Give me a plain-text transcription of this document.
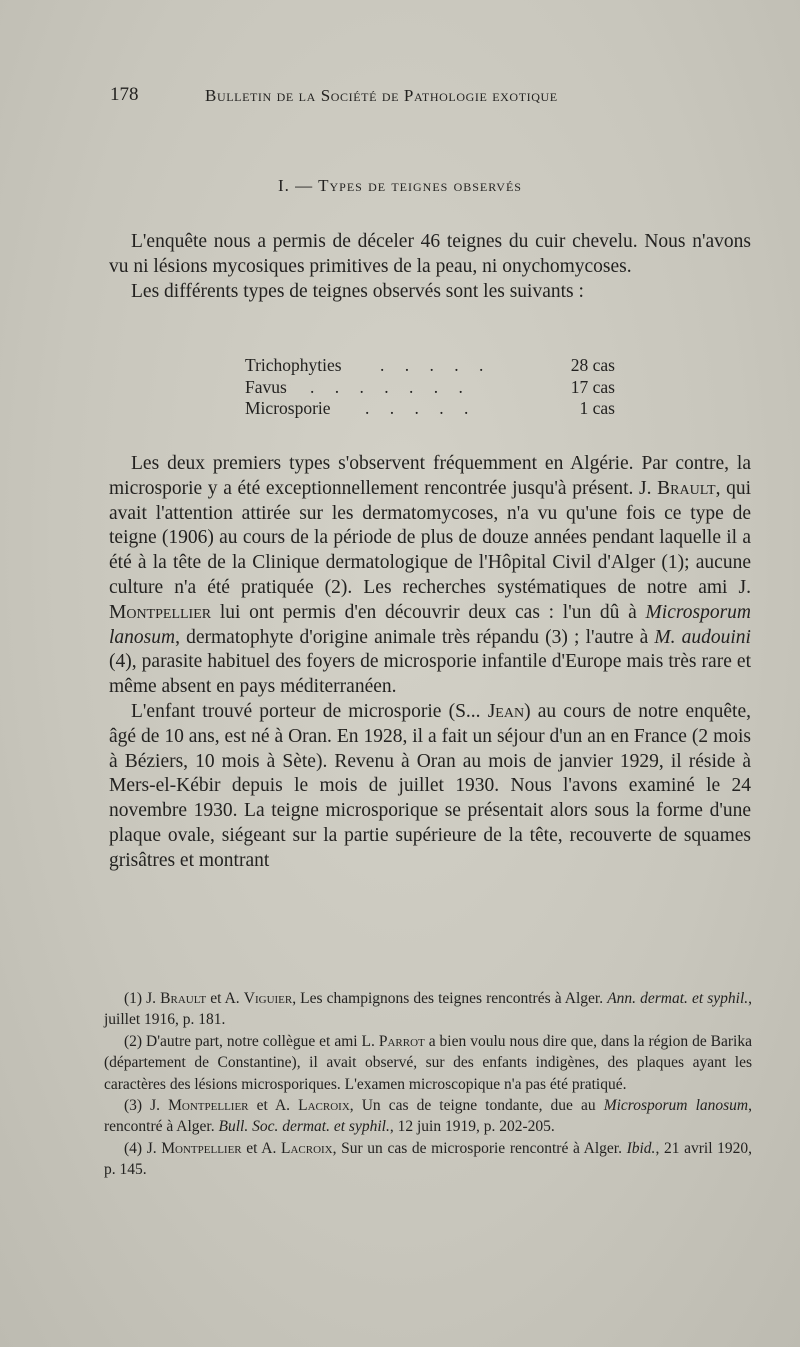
178	Bulletin de la Société de Pathologie exotique
I. — Types de teignes observés

L'enquête nous a permis de déceler 46 teignes du cuir chevelu. Nous n'avons vu ni lésions mycosiques primitives de la peau, ni onychomycoses.

Les différents types de teignes observés sont les suivants :

Trichophyties . . . . .	28 cas
Favus . . . . . . .	17 cas
Microsporie . . . . .	1 cas

Les deux premiers types s'observent fréquemment en Algérie. Par contre, la microsporie y a été exceptionnellement rencontrée jusqu'à présent. J. Brault, qui avait l'attention attirée sur les dermatomycoses, n'a vu qu'une fois ce type de teigne (1906) au cours de la période de plus de douze années pendant laquelle il a été à la tête de la Clinique dermatologique de l'Hôpital Civil d'Alger (1); aucune culture n'a été pratiquée (2). Les recherches systématiques de notre ami J. Montpellier lui ont permis d'en découvrir deux cas : l'un dû à Microsporum lanosum, dermatophyte d'origine animale très répandu (3) ; l'autre à M. audouini (4), parasite habituel des foyers de microsporie infantile d'Europe mais très rare et même absent en pays méditerranéen.

L'enfant trouvé porteur de microsporie (S... Jean) au cours de notre enquête, âgé de 10 ans, est né à Oran. En 1928, il a fait un séjour d'un an en France (2 mois à Béziers, 10 mois à Sète). Revenu à Oran au mois de janvier 1929, il réside à Mers-el-Kébir depuis le mois de juillet 1930. Nous l'avons examiné le 24 novembre 1930. La teigne microsporique se présentait alors sous la forme d'une plaque ovale, siégeant sur la partie supérieure de la tête, recouverte de squames grisâtres et montrant

(1) J. Brault et A. Viguier, Les champignons des teignes rencontrés à Alger. Ann. dermat. et syphil., juillet 1916, p. 181.

(2) D'autre part, notre collègue et ami L. Parrot a bien voulu nous dire que, dans la région de Barika (département de Constantine), il avait observé, sur des enfants indigènes, des plaques ayant les caractères des lésions microsporiques. L'examen microscopique n'a pas été pratiqué.

(3) J. Montpellier et A. Lacroix, Un cas de teigne tondante, due au Microsporum lanosum, rencontré à Alger. Bull. Soc. dermat. et syphil., 12 juin 1919, p. 202-205.

(4) J. Montpellier et A. Lacroix, Sur un cas de microsporie rencontré à Alger. Ibid., 21 avril 1920, p. 145.
